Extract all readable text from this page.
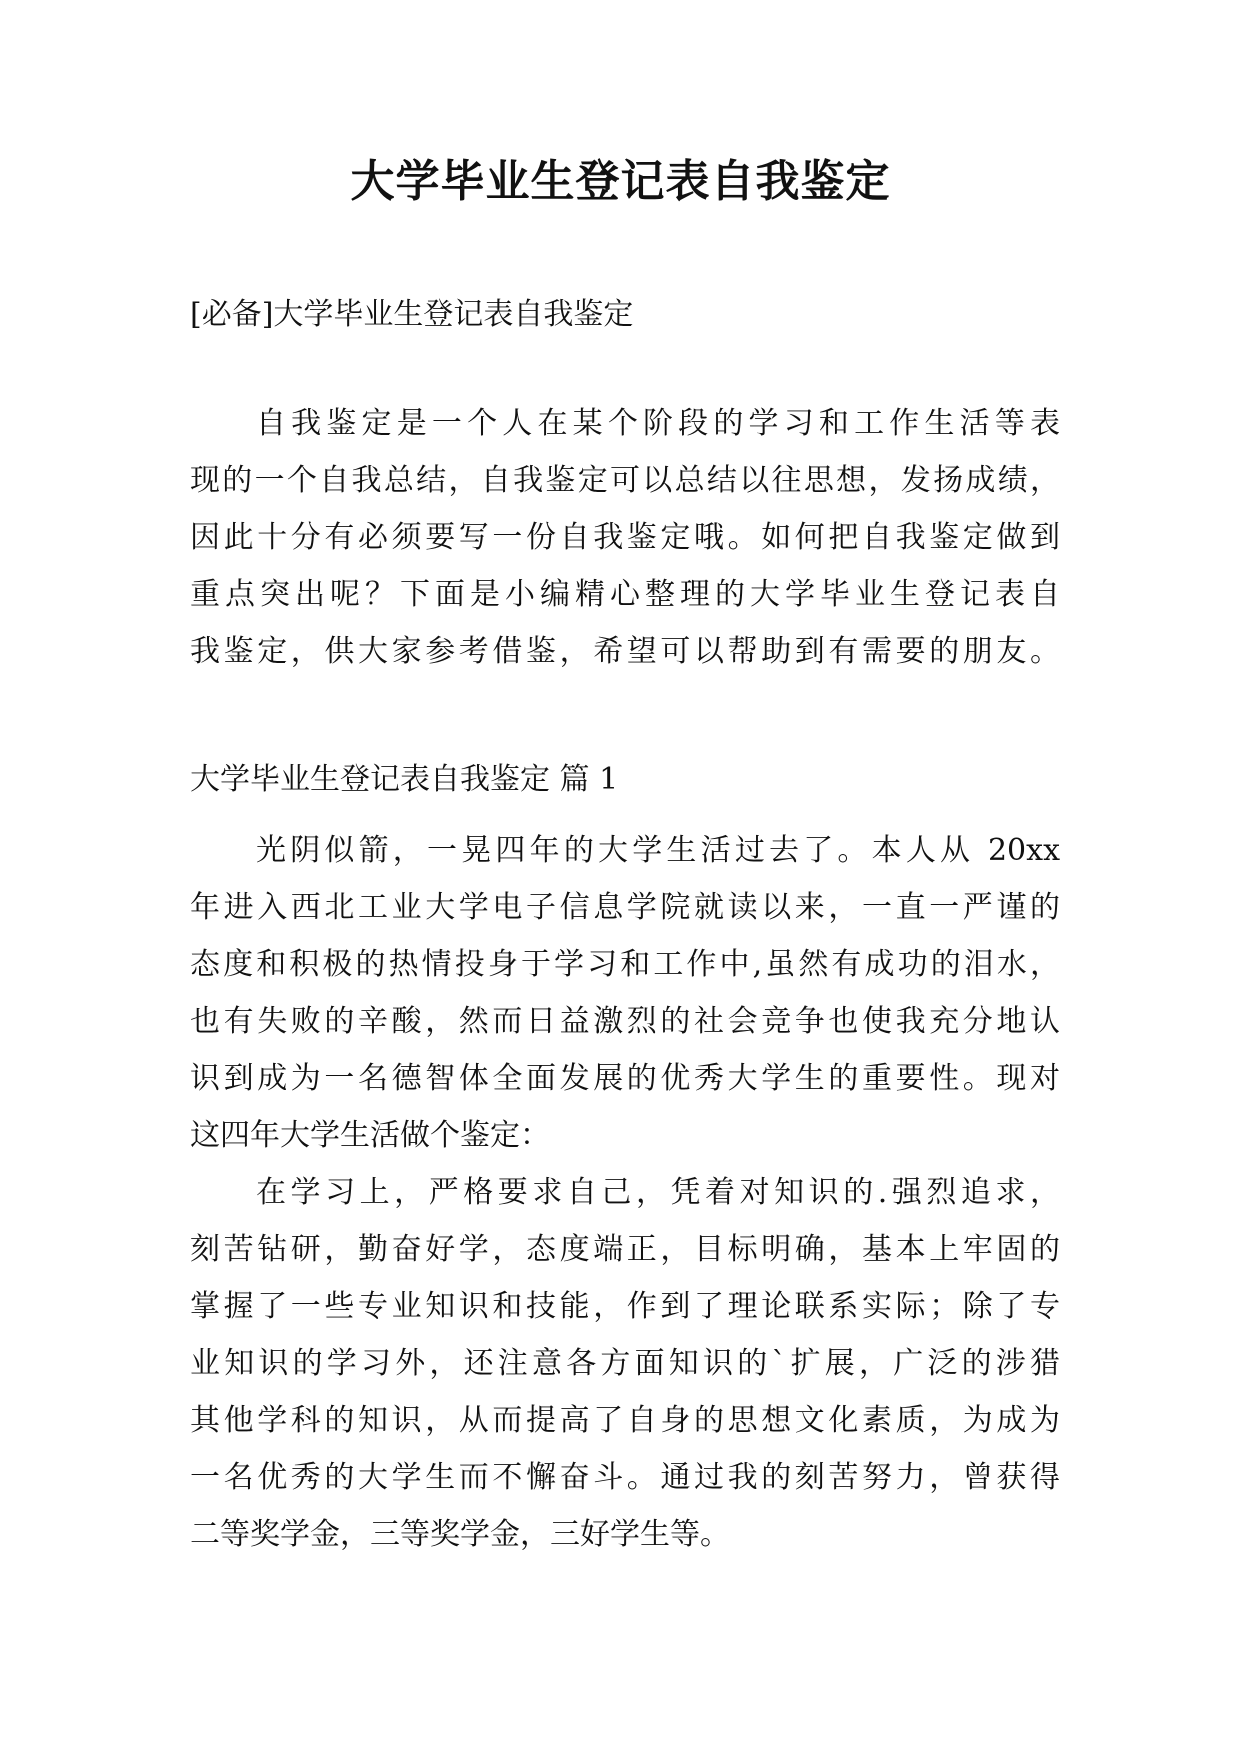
大学毕业生登记表自我鉴定

[必备]大学毕业生登记表自我鉴定

自我鉴定是一个人在某个阶段的学习和工作生活等表
现的一个自我总结，自我鉴定可以总结以往思想，发扬成绩，
因此十分有必须要写一份自我鉴定哦。如何把自我鉴定做到
重点突出呢？下面是小编精心整理的大学毕业生登记表自
我鉴定，供大家参考借鉴，希望可以帮助到有需要的朋友。
大学毕业生登记表自我鉴定 篇 1
光阴似箭，一晃四年的大学生活过去了。本人从 20xx
年进入西北工业大学电子信息学院就读以来，一直一严谨的
态度和积极的热情投身于学习和工作中,虽然有成功的泪水，
也有失败的辛酸，然而日益激烈的社会竞争也使我充分地认
识到成为一名德智体全面发展的优秀大学生的重要性。现对
这四年大学生活做个鉴定：
在学习上，严格要求自己，凭着对知识的.强烈追求，
刻苦钻研，勤奋好学，态度端正，目标明确，基本上牢固的
掌握了一些专业知识和技能，作到了理论联系实际；除了专
业知识的学习外，还注意各方面知识的`扩展，广泛的涉猎
其他学科的知识，从而提高了自身的思想文化素质，为成为
一名优秀的大学生而不懈奋斗。通过我的刻苦努力，曾获得
二等奖学金，三等奖学金，三好学生等。
